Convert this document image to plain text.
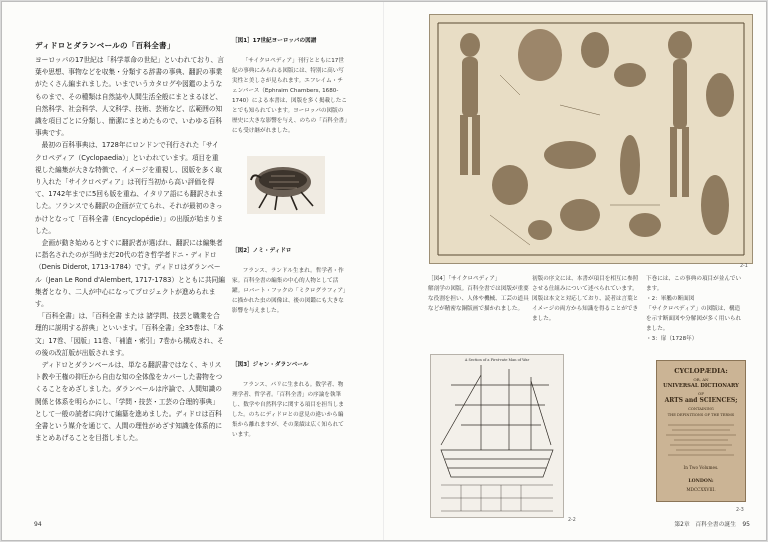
ディドロとダランベールの「百科全書」
ヨーロッパの17世紀は「科学革命の世紀」といわれており、言葉や思想、事物などを収集・分類する辞書の事典、翻訳の事業がたくさん編まれました。いまでいうカタログや図鑑のようなものまで、その種類は自然誌や人間生活全般にまとまるほど、自然科学、社会科学、人文科学、技術、芸術など、広範囲の知識を項目ごとに分類し、簡潔にまとめたもので、いわゆる百科事典です。
　最初の百科事典は、1728年にロンドンで刊行された「サイクロペディア（Cyclopaedia）」といわれています。項目を重視した編集が大きな特徴で、イメージを重視し、図版を多く取り入れた「サイクロペディア」は刊行当初から高い評価を得て、1742年までに5回も版を重ね、イタリア語にも翻訳されました。フランスでも翻訳の企画が立てられ、それが最初のきっかけとなって「百科全書（Encyclopédie）」の出版が始まりました。
　企画が動き始めるとすぐに翻訳者が選ばれ、翻訳には編集者に指名されたのが当時まだ20代の若き哲学者ドニ・ディドロ（Denis Diderot, 1713-1784）です。ディドロはダランベール（Jean Le Rond d'Alembert, 1717-1783）とともに共同編集者となり、二人が中心になってプロジェクトが進められます。
　「百科全書」は、「百科全書 または 諸学問、技芸と職業を合理的に説明する辞典」といいます。「百科全書」全35巻は、「本文」17巻、「図版」11巻、「補遺・索引」7巻から構成され、その後の改訂版が出版されます。
　ディドロとダランベールは、単なる翻訳書ではなく、キリスト教や王権の抑圧から自由な知の全体像をカバーした書物をつくることをめざしました。ダランベールは序論で、人間知識の関係と体系を明らかにし、「学問・技芸・工芸の合理的事典」として一般の読者に向けて編纂を進めました。ディドロは百科全書という媒介を通じて、人間の理性がめざす知識を体系的にまとめあげることを目指しました。

［図1］17世紀ヨーロッパの図譜

「サイクロペディア」刊行とともに17世紀の事典にみられる図版には、特別に高い写実性と美しさが見られます。エフレイム・チェンバース（Ephraim Chambers, 1680-1740）による本書は、図版を多く掲載したことでも知られています。ヨーロッパの図版の歴史に大きな影響を与え、のちの「百科全書」にも受け継がれました。

［図2］ノミ・ディドロ

フランス、ランドル生まれ。哲学者・作家。百科全書の編集の中心的人物として活躍。ロバート・フックの「ミクログラフィア」に描かれた虫の図像は、後の図鑑にも大きな影響を与えました。

［図3］ジャン・ダランベール

フランス、パリに生まれる。数学者、物理学者、哲学者。「百科全書」の序論を執筆し、数学や自然科学に関する項目を担当しました。のちにディドロとの意見の違いから編集から離れますが、その業績は広く知られています。

94
2-1
［図4］「サイクロペディア」
解剖学の図版。百科全書では図版が重要な役割を担い、人体や機械、工芸の道具などが精密な銅版画で描かれました。
初版の序文には、本書が項目を相互に参照させる仕組みについて述べられています。図版は本文と対応しており、読者は言葉とイメージの両方から知識を得ることができました。
下巻には、この事典の項目が並んでいます。
・2：軍艦の断面図
「サイクロペディア」の図版は、構造を示す断面図や分解図が多く用いられました。
・3：扉（1728年）
A Section of a First-rate Man of War
2-2
CYCLOPÆDIA:
OR, AN
UNIVERSAL DICTIONARY
OF
ARTS and SCIENCES;
CONTAINING
THE DEFINITIONS OF THE TERMS
In Two Volumes.
LONDON:
MDCCXXVIII.
2-3
第2章　百科全書の誕生 95
